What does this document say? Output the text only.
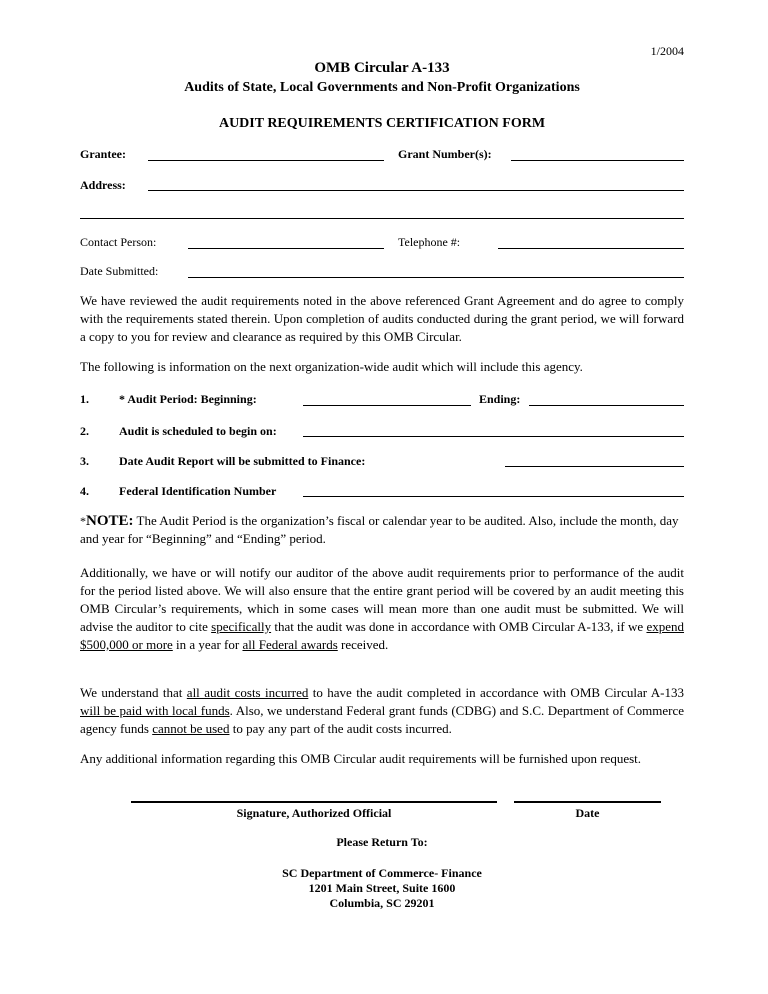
1/2004
OMB Circular A-133
Audits of State, Local Governments and Non-Profit Organizations
AUDIT REQUIREMENTS CERTIFICATION FORM
Grantee:	Grant Number(s):
Address:
Contact Person:	Telephone #:
Date Submitted:
We have reviewed the audit requirements noted in the above referenced Grant Agreement and do agree to comply with the requirements stated therein. Upon completion of audits conducted during the grant period, we will forward a copy to you for review and clearance as required by this OMB Circular.
The following is information on the next organization-wide audit which will include this agency.
1.	* Audit Period: Beginning:	Ending:
2.	Audit is scheduled to begin on:
3.	Date Audit Report will be submitted to Finance:
4.	Federal Identification Number
*NOTE: The Audit Period is the organization’s fiscal or calendar year to be audited. Also, include the month, day and year for “Beginning” and “Ending” period.
Additionally, we have or will notify our auditor of the above audit requirements prior to performance of the audit for the period listed above. We will also ensure that the entire grant period will be covered by an audit meeting this OMB Circular’s requirements, which in some cases will mean more than one audit must be submitted. We will advise the auditor to cite specifically that the audit was done in accordance with OMB Circular A-133, if we expend $500,000 or more in a year for all Federal awards received.
We understand that all audit costs incurred to have the audit completed in accordance with OMB Circular A-133 will be paid with local funds. Also, we understand Federal grant funds (CDBG) and S.C. Department of Commerce agency funds cannot be used to pay any part of the audit costs incurred.
Any additional information regarding this OMB Circular audit requirements will be furnished upon request.
Signature, Authorized Official	Date
Please Return To:
SC Department of Commerce- Finance
1201 Main Street, Suite 1600
Columbia, SC 29201
